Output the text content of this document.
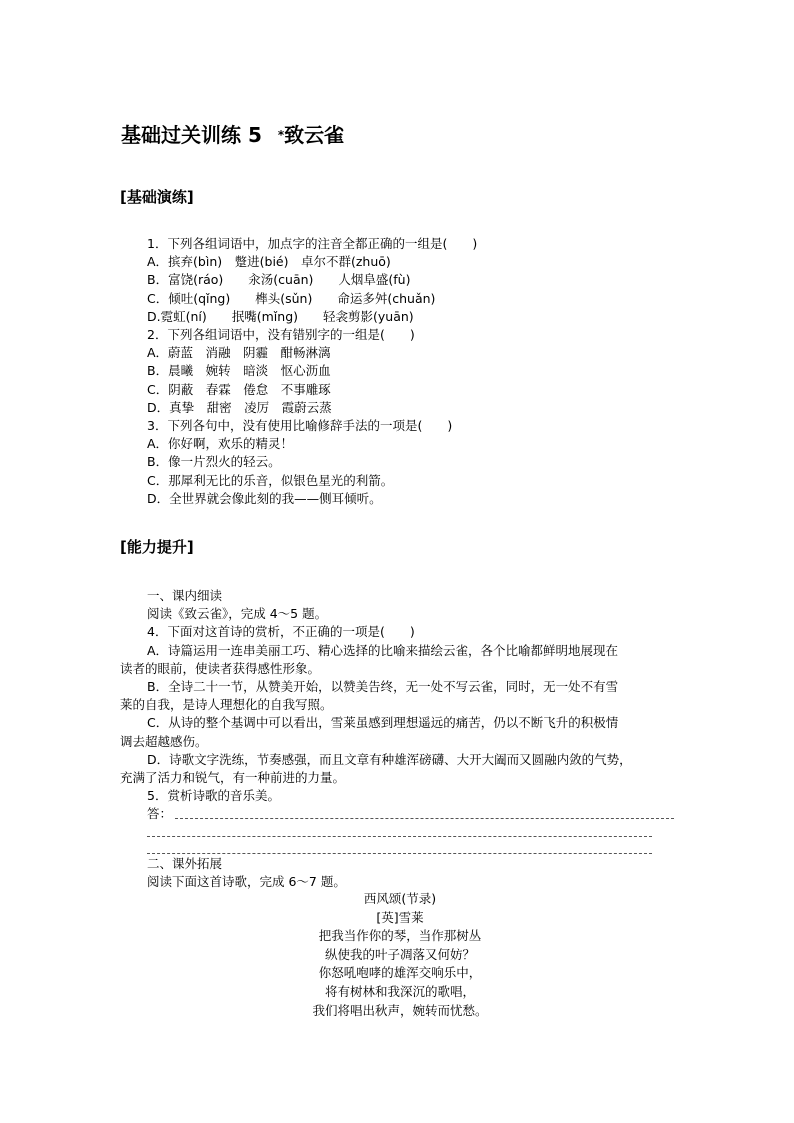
基础过关训练 5 *致云雀
[基础演练]
1．下列各组词语中，加点字的注音全都正确的一组是(　　)
A．摈弃(bìn)　蹩进(bié)　卓尔不群(zhuō)
B．富饶(ráo)　　汆汤(cuān)　　人烟阜盛(fù)
C．倾吐(qǐng)　　榫头(sǔn)　　命运多舛(chuǎn)
D.霓虹(ní)　　抿嘴(mǐng)　　轻衾剪影(yuān)
2．下列各组词语中，没有错别字的一组是(　　)
A．蔚蓝　消融　阴霾　酣畅淋漓
B．晨曦　婉转　暗淡　怄心沥血
C．阴蔽　春霖　倦怠　不事雕琢
D．真挚　甜密　凌厉　霞蔚云蒸
3．下列各句中，没有使用比喻修辞手法的一项是(　　)
A．你好啊，欢乐的精灵！
B．像一片烈火的轻云。
C．那犀利无比的乐音，似银色星光的利箭。
D．全世界就会像此刻的我——侧耳倾听。
[能力提升]
一、课内细读
阅读《致云雀》，完成 4～5 题。
4．下面对这首诗的赏析，不正确的一项是(　　)
A．诗篇运用一连串美丽工巧、精心选择的比喻来描绘云雀，各个比喻都鲜明地展现在
读者的眼前，使读者获得感性形象。
B．全诗二十一节，从赞美开始，以赞美告终，无一处不写云雀，同时，无一处不有雪
莱的自我，是诗人理想化的自我写照。
C．从诗的整个基调中可以看出，雪莱虽感到理想遥远的痛苦，仍以不断飞升的积极情
调去超越感伤。
D．诗歌文字洗练，节奏感强，而且文章有种雄浑磅礴、大开大阖而又圆融内敛的气势，
充满了活力和锐气，有一种前进的力量。
5．赏析诗歌的音乐美。
答：
二、课外拓展
阅读下面这首诗歌，完成 6～7 题。
西风颂(节录)
[英]雪莱
把我当作你的琴，当作那树丛
纵使我的叶子凋落又何妨？
你怒吼咆哮的雄浑交响乐中，
将有树林和我深沉的歌唱，
我们将唱出秋声，婉转而忧愁。
